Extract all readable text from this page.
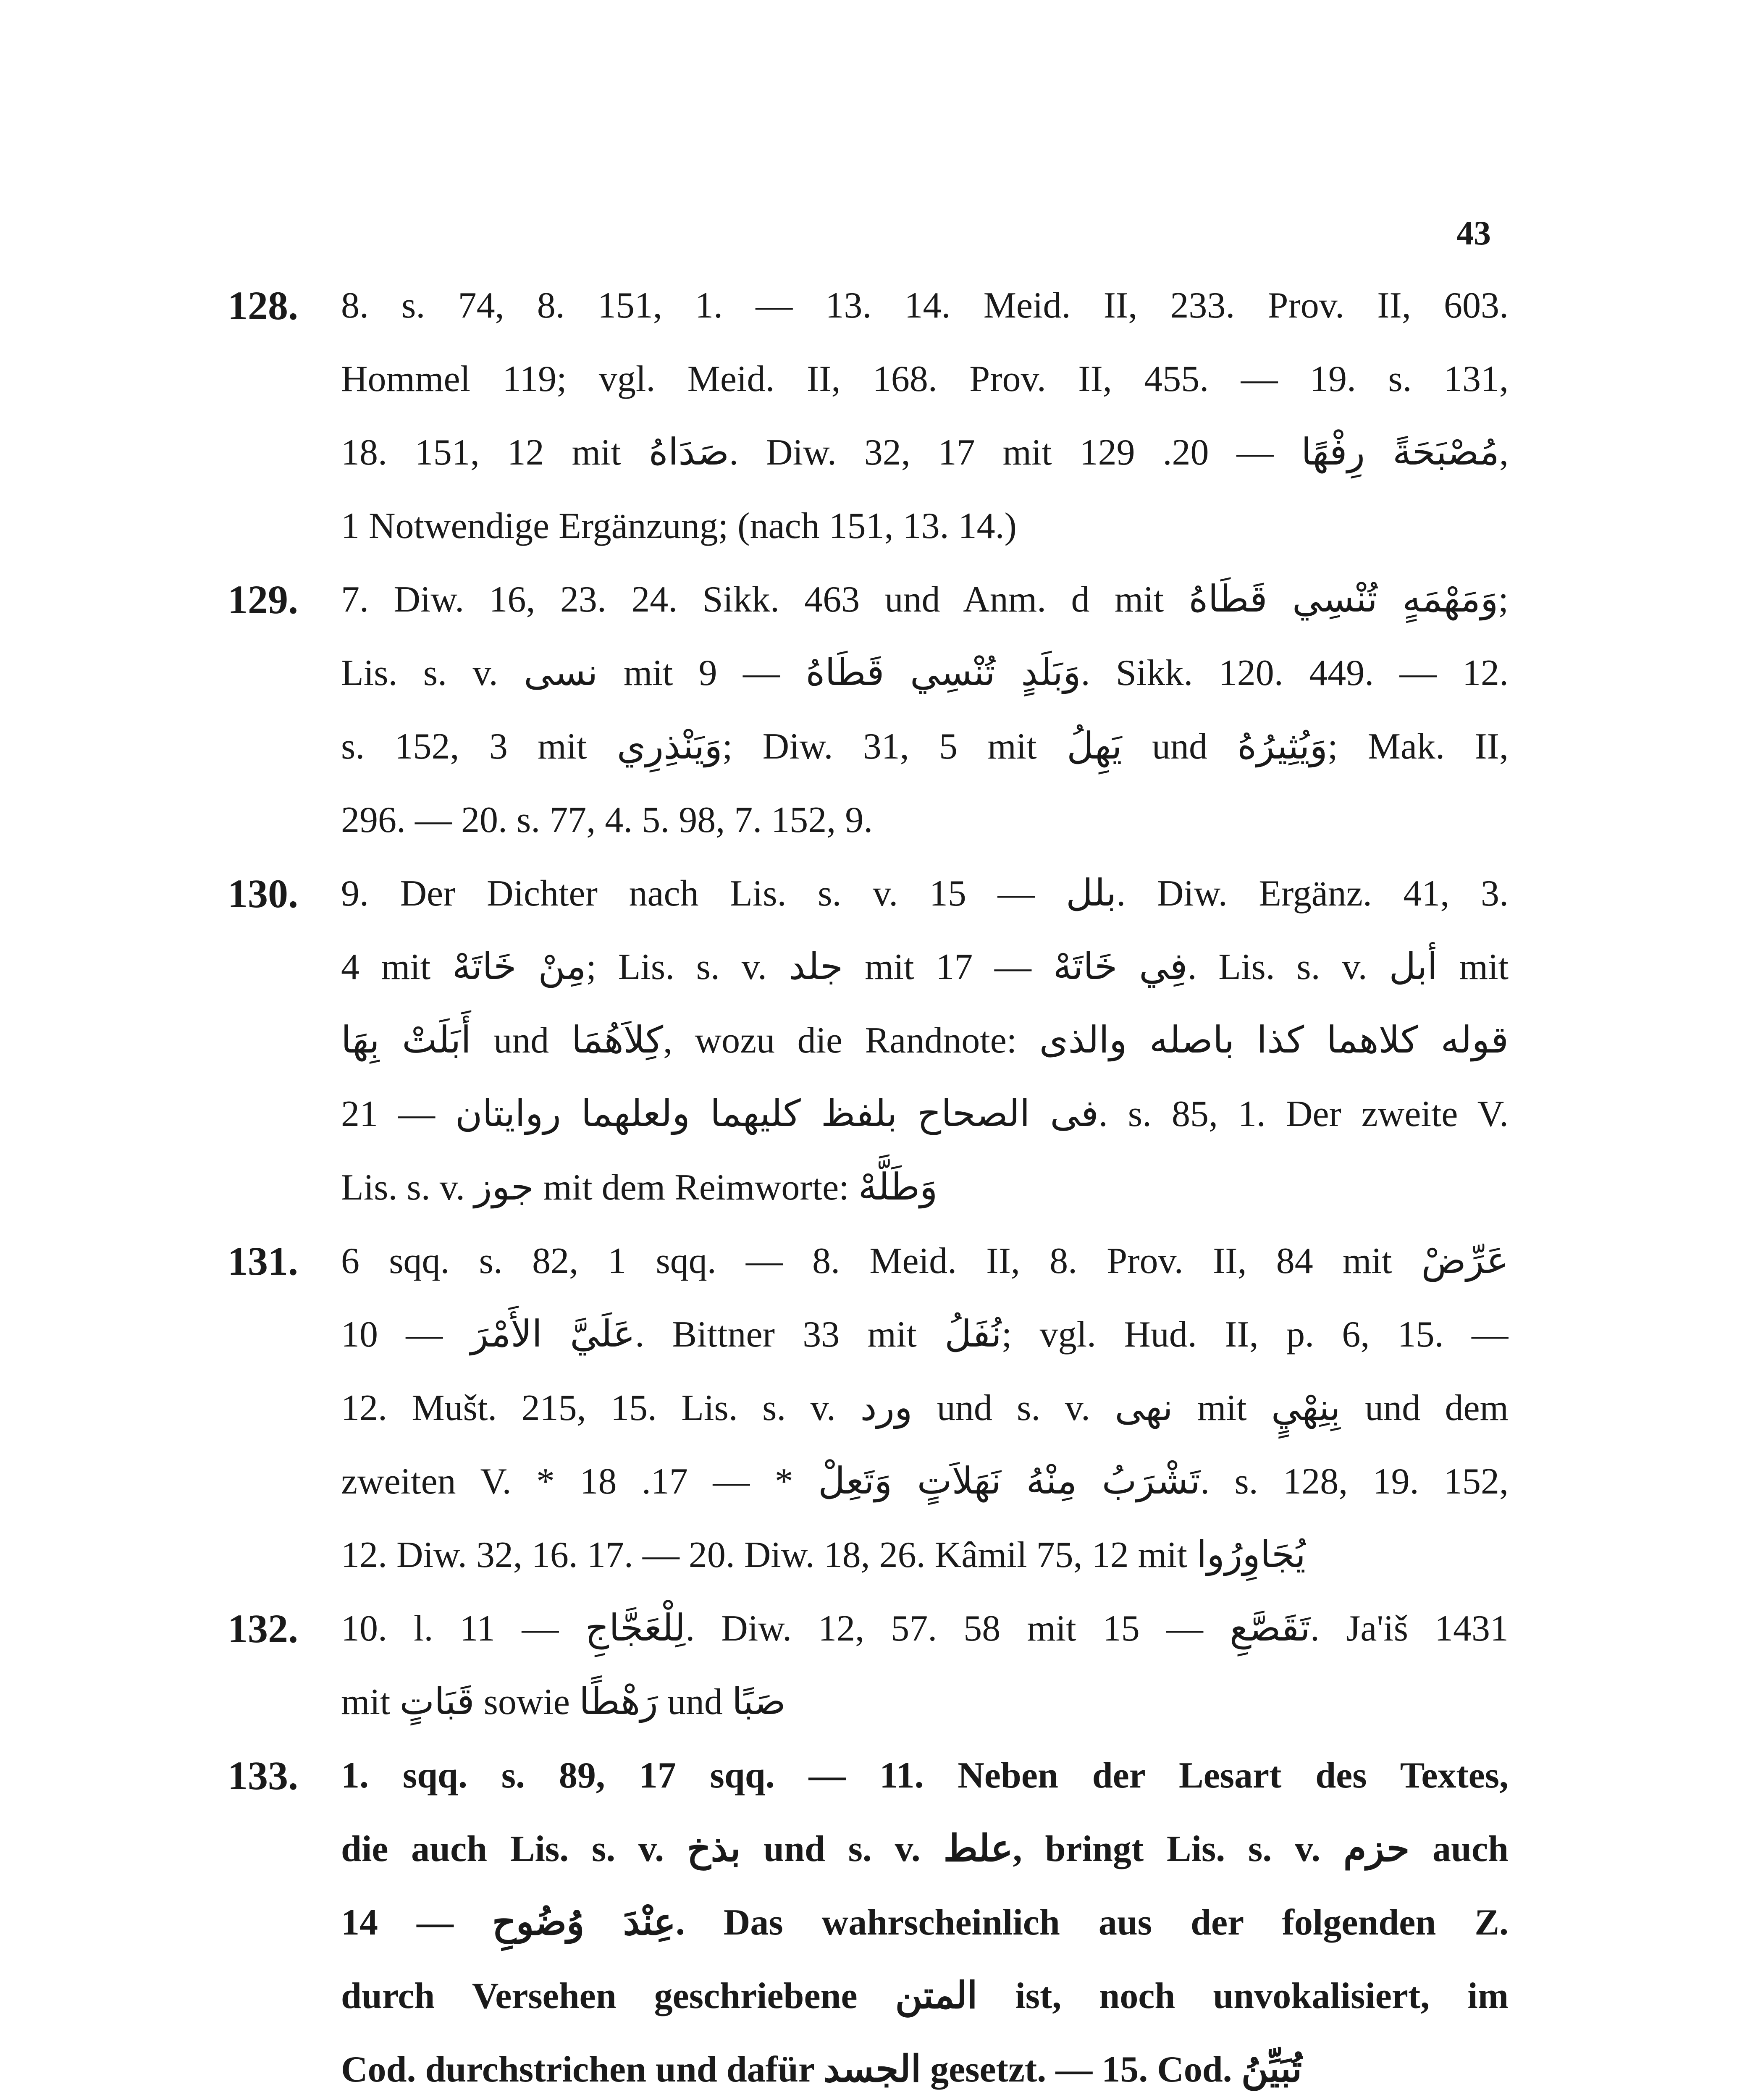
43
128.	8. s. 74, 8. 151, 1. — 13. 14. Meid. II, 233. Prov. II, 603.
Hommel 119; vgl. Meid. II, 168. Prov. II, 455. — 19. s. 131,
18. 151, 12 mit صَدَاهُ. Diw. 32, 17 mit مُصْبَحَةً رِفْهًا — 20. 129,
1 Notwendige Ergänzung; (nach 151, 13. 14.)
129.	7. Diw. 16, 23. 24. Sikk. 463 und Anm. d mit وَمَهْمَهٍ تُنْسِي قَطَاهُ;
Lis. s. v. نسى mit وَبَلَدٍ تُنْسِي قَطَاهُ — 9. Sikk. 120. 449. — 12.
s. 152, 3 mit وَيَنْذِرِي; Diw. 31, 5 mit يَهِلُ und وَيُثِيرُهُ; Mak. II,
296. — 20. s. 77, 4. 5. 98, 7. 152, 9.
130.	9. Der Dichter nach Lis. s. v. بلل — 15. Diw. Ergänz. 41, 3.
4 mit مِنْ خَاتَهْ; Lis. s. v. جلد mit فِي خَاتَهْ — 17. Lis. s. v. أبل mit
أَبَلَتْ بِهَا und كِلاَهُمَا, wozu die Randnote: قوله كلاهما كذا باصله والذى
فى الصحاح بلفظ كليهما ولعلهما روايتان — 21. s. 85, 1. Der zweite V.
Lis. s. v. جوز mit dem Reimworte: وَطَلَّهْ
131.	6 sqq. s. 82, 1 sqq. — 8. Meid. II, 8. Prov. II, 84 mit عَرِّضْ
عَلَيَّ الأَمْرَ — 10. Bittner 33 mit نُفَلُ; vgl. Hud. II, p. 6, 15. —
12. Mušt. 215, 15. Lis. s. v. ورد und s. v. نهى mit بِنِهْيٍ und dem
zweiten V. * تَشْرَبُ مِنْهُ نَهَلاَتٍ وَتَعِلْ * — 17. 18. s. 128, 19. 152,
12. Diw. 32, 16. 17. — 20. Diw. 18, 26. Kâmil 75, 12 mit يُجَاوِرُوا
132.	10. l. لِلْعَجَّاجِ — 11. Diw. 12, 57. 58 mit تَقَصَّعِ — 15. Ja'iš 1431
mit قَبَاتٍ sowie رَهْطًا und صَبًا
133.	1. sqq. s. 89, 17 sqq. — 11. Neben der Lesart des Textes,
die auch Lis. s. v. بذخ und s. v. علط, bringt Lis. s. v. حزم auch
عِنْدَ وُضُوحِ — 14. Das wahrscheinlich aus der folgenden Z.
durch Versehen geschriebene المتن ist, noch unvokalisiert, im
Cod. durchstrichen und dafür الجسد gesetzt. — 15. Cod. تُبَيِّنُ
